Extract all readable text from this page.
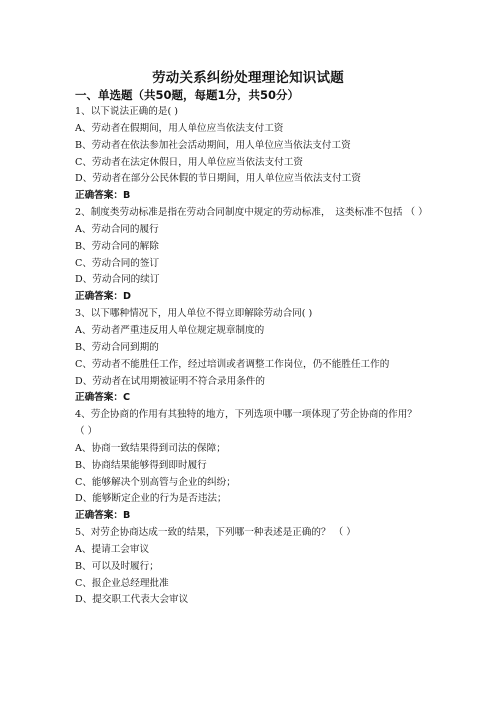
劳动关系纠纷处理理论知识试题
一、单选题（共50题，每题1分，共50分）
1、以下说法正确的是( )
A、劳动者在假期间，用人单位应当依法支付工资
B、劳动者在依法参加社会活动期间，用人单位应当依法支付工资
C、劳动者在法定休假日，用人单位应当依法支付工资
D、劳动者在部分公民休假的节日期间，用人单位应当依法支付工资
正确答案：B
2、制度类劳动标准是指在劳动合同制度中规定的劳动标准，　这类标准不包括 （ ）
A、劳动合同的履行
B、劳动合同的解除
C、劳动合同的签订
D、劳动合同的续订
正确答案：D
3、以下哪种情况下，用人单位不得立即解除劳动合同( )
A、劳动者严重违反用人单位规定规章制度的
B、劳动合同到期的
C、劳动者不能胜任工作，经过培训或者调整工作岗位，仍不能胜任工作的
D、劳动者在试用期被证明不符合录用条件的
正确答案：C
4、劳企协商的作用有其独特的地方，下列选项中哪一项体现了劳企协商的作用？ （ ）
A、协商一致结果得到司法的保障；
B、协商结果能够得到即时履行
C、能够解决个别高管与企业的纠纷；
D、能够断定企业的行为是否违法；
正确答案：B
5、对劳企协商达成一致的结果，下列哪一种表述是正确的？ （ ）
A、提请工会审议
B、可以及时履行；
C、报企业总经理批准
D、提交职工代表大会审议
